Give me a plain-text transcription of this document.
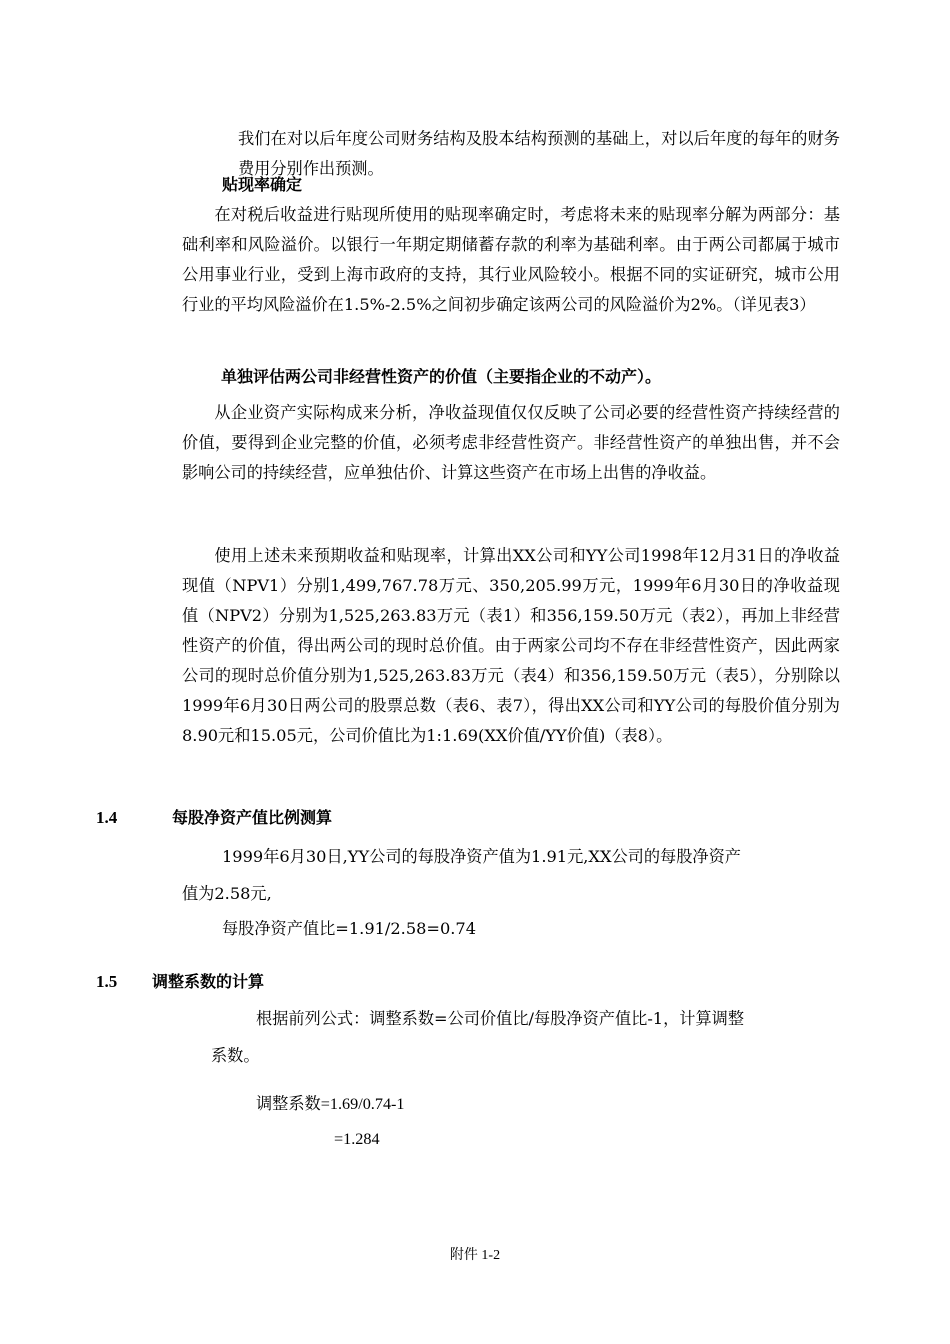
我们在对以后年度公司财务结构及股本结构预测的基础上，对以后年度的每年的财务费用分别作出预测。

贴现率确定

在对税后收益进行贴现所使用的贴现率确定时，考虑将未来的贴现率分解为两部分：基础利率和风险溢价。以银行一年期定期储蓄存款的利率为基础利率。由于两公司都属于城市公用事业行业，受到上海市政府的支持，其行业风险较小。根据不同的实证研究，城市公用行业的平均风险溢价在1.5%-2.5%之间初步确定该两公司的风险溢价为2%。（详见表3）

单独评估两公司非经营性资产的价值（主要指企业的不动产）。

从企业资产实际构成来分析，净收益现值仅仅反映了公司必要的经营性资产持续经营的价值，要得到企业完整的价值，必须考虑非经营性资产。非经营性资产的单独出售，并不会影响公司的持续经营，应单独估价、计算这些资产在市场上出售的净收益。

使用上述未来预期收益和贴现率，计算出XX公司和YY公司1998年12月31日的净收益现值（NPV1）分别1,499,767.78万元、350,205.99万元，1999年6月30日的净收益现值（NPV2）分别为1,525,263.83万元（表1）和356,159.50万元（表2），再加上非经营性资产的价值，得出两公司的现时总价值。由于两家公司均不存在非经营性资产，因此两家公司的现时总价值分别为1,525,263.83万元（表4）和356,159.50万元（表5），分别除以1999年6月30日两公司的股票总数（表6、表7），得出XX公司和YY公司的每股价值分别为8.90元和15.05元，公司价值比为1:1.69(XX价值/YY价值)（表8）。

1.4	每股净资产值比例测算
1999年6月30日,YY公司的每股净资产值为1.91元,XX公司的每股净资产
值为2.58元,
每股净资产值比=1.91/2.58=0.74
1.5 调整系数的计算
根据前列公式：调整系数=公司价值比/每股净资产值比-1，计算调整
系数。
调整系数=1.69/0.74-1
=1.284
附件 1-2
